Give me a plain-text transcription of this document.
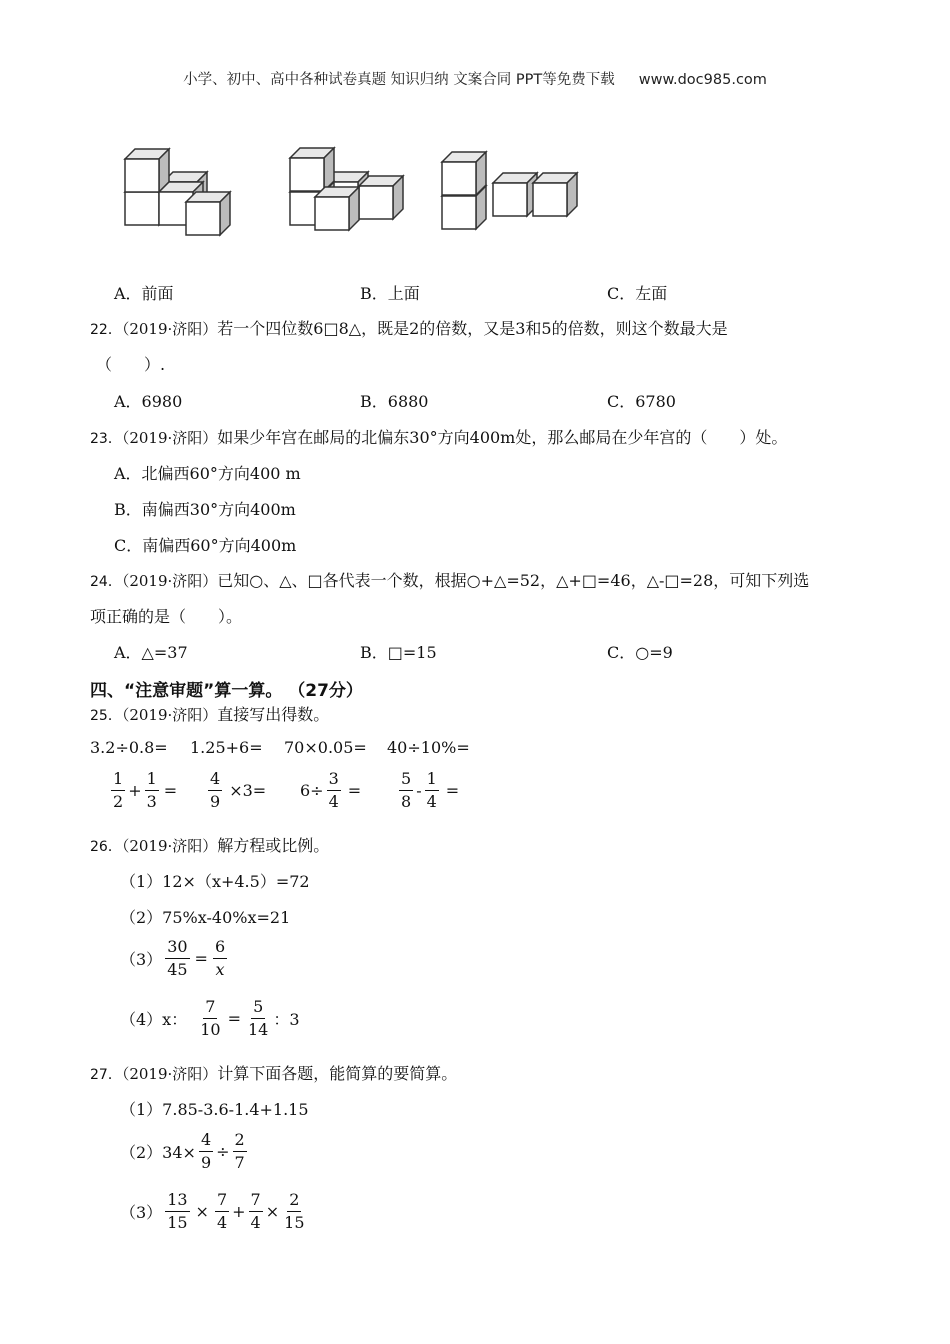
小学、初中、高中各种试卷真题 知识归纳 文案合同 PPT等免费下载 www.doc985.com
A．前面	B．上面	C．左面
22．（2019·济阳）若一个四位数6□8△，既是2的倍数，又是3和5的倍数，则这个数最大是
（　　）.
A．6980	B．6880	C．6780
23．（2019·济阳）如果少年宫在邮局的北偏东30°方向400m处，那么邮局在少年宫的（　　）处。
A．北偏西60°方向400 m
B．南偏西30°方向400m
C．南偏西60°方向400m
24．（2019·济阳）已知○、△、□各代表一个数，根据○+△=52，△+□=46，△-□=28，可知下列选
项正确的是（　　）。
A．△=37	B．□=15	C．○=9
四、“注意审题”算一算。 （27分）
25．（2019·济阳）直接写出得数。
3.2÷0.8= 1.25+6= 70×0.05= 40÷10%=
$\frac{1}{2} + \frac{1}{3} = \frac{4}{9} \times 3= 6\div \frac{3}{4} = \frac{5}{8} - \frac{1}{4}$ =
26．（2019·济阳）解方程或比例。
（1）12×（x+4.5）=72
（2）75%x-40%x=21
$(3) \frac{30}{45} = \frac{6}{x}$
（4）x： $\frac{7}{10} = \frac{5}{14}$ ：3
27．（2019·济阳）计算下面各题，能简算的要简算。
（1）7.85-3.6-1.4+1.15
$(2)34\times \frac{4}{9} \div \frac{2}{7}$
$(3) \frac{13}{15} \times \frac{7}{4} + \frac{7}{4} \times \frac{2}{15}$
